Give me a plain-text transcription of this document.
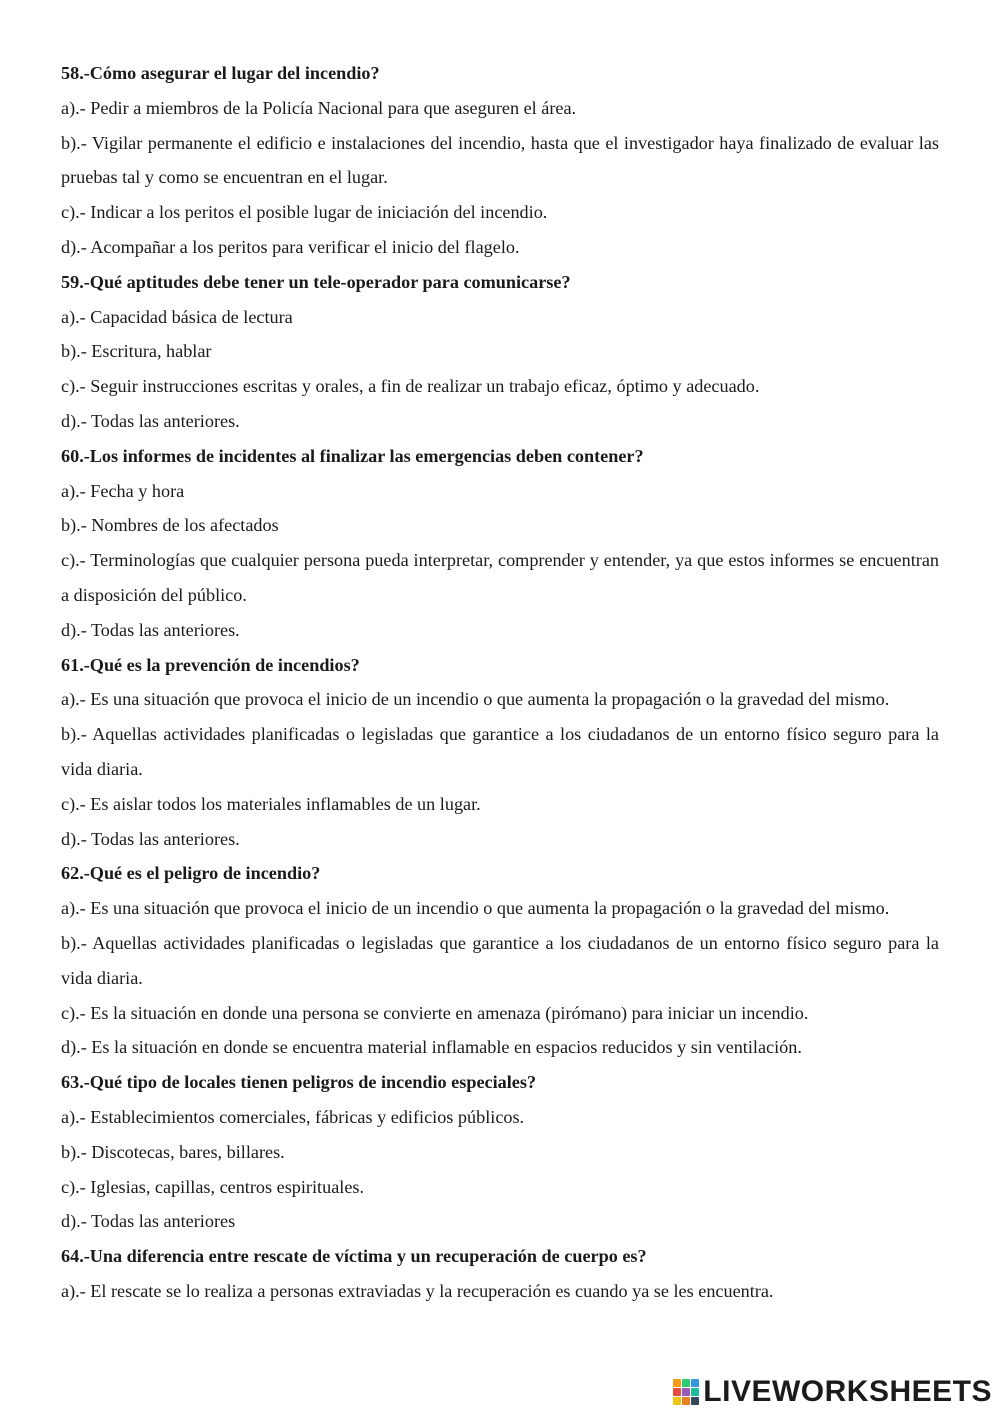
58.-Cómo asegurar el lugar del incendio?

a).- Pedir a miembros de la Policía Nacional para que aseguren el área.

b).- Vigilar permanente el edificio e instalaciones del incendio, hasta que el investigador haya finalizado de evaluar las pruebas tal y como se encuentran en el lugar.

c).- Indicar a los peritos el posible lugar de iniciación del incendio.

d).- Acompañar a los peritos para verificar el inicio del flagelo.

59.-Qué aptitudes debe tener un tele-operador para comunicarse?

a).- Capacidad básica de lectura

b).- Escritura, hablar

c).- Seguir instrucciones escritas y orales, a fin de realizar un trabajo eficaz, óptimo y adecuado.

d).- Todas las anteriores.

60.-Los informes de incidentes al finalizar las emergencias deben contener?

a).- Fecha y hora

b).- Nombres de los afectados

c).- Terminologías que cualquier persona pueda interpretar, comprender y entender, ya que estos informes se encuentran a disposición del público.

d).- Todas las anteriores.

61.-Qué es la prevención de incendios?

a).- Es una situación que provoca el inicio de un incendio o que aumenta la propagación o la gravedad del mismo.

b).- Aquellas actividades planificadas o legisladas que garantice a los ciudadanos de un entorno físico seguro para la vida diaria.

c).- Es aislar todos los materiales inflamables de un lugar.

d).- Todas las anteriores.

62.-Qué es el peligro de incendio?

a).- Es una situación que provoca el inicio de un incendio o que aumenta la propagación o la gravedad del mismo.

b).- Aquellas actividades planificadas o legisladas que garantice a los ciudadanos de un entorno físico seguro para la vida diaria.

c).- Es la situación en donde una persona se convierte en amenaza (pirómano) para iniciar un incendio.

d).- Es la situación en donde se encuentra material inflamable en espacios reducidos y sin ventilación.

63.-Qué tipo de locales tienen peligros de incendio especiales?

a).- Establecimientos comerciales, fábricas y edificios públicos.

b).- Discotecas, bares, billares.

c).- Iglesias, capillas, centros espirituales.

d).- Todas las anteriores

64.-Una diferencia entre rescate de víctima y un recuperación de cuerpo es?

a).- El rescate se lo realiza a personas extraviadas y la recuperación es cuando ya se les encuentra.

LIVEWORKSHEETS
